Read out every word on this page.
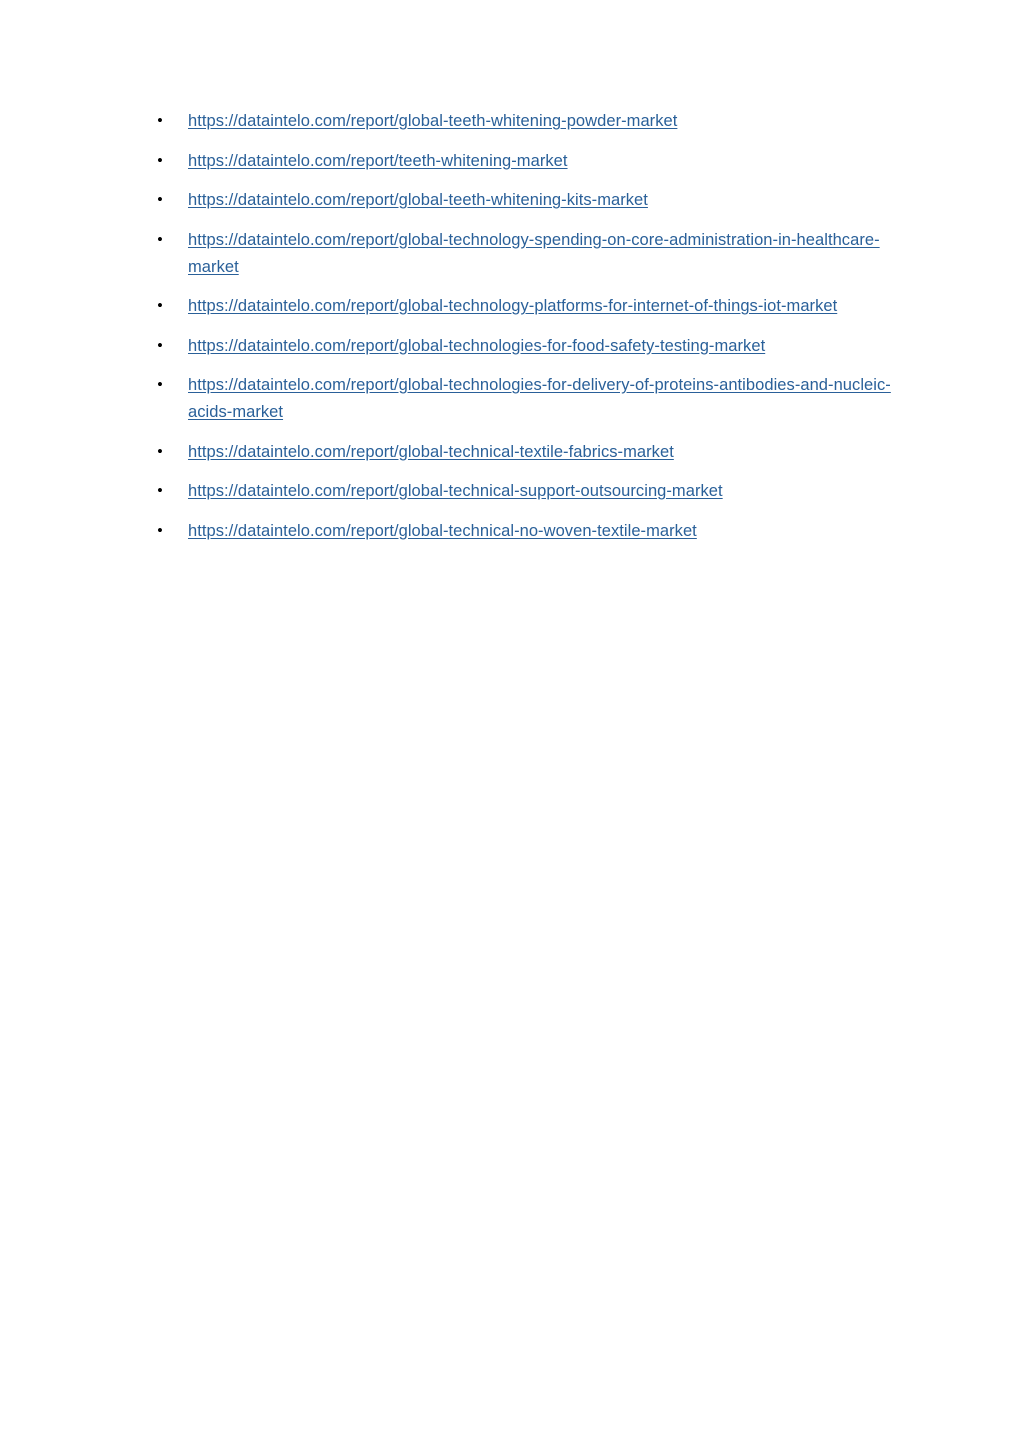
• https://dataintelo.com/report/global-teeth-whitening-powder-market
• https://dataintelo.com/report/teeth-whitening-market
• https://dataintelo.com/report/global-teeth-whitening-kits-market
• https://dataintelo.com/report/global-technology-spending-on-core-administration-in-healthcare-market
• https://dataintelo.com/report/global-technology-platforms-for-internet-of-things-iot-market
• https://dataintelo.com/report/global-technologies-for-food-safety-testing-market
• https://dataintelo.com/report/global-technologies-for-delivery-of-proteins-antibodies-and-nucleic-acids-market
• https://dataintelo.com/report/global-technical-textile-fabrics-market
• https://dataintelo.com/report/global-technical-support-outsourcing-market
• https://dataintelo.com/report/global-technical-no-woven-textile-market
